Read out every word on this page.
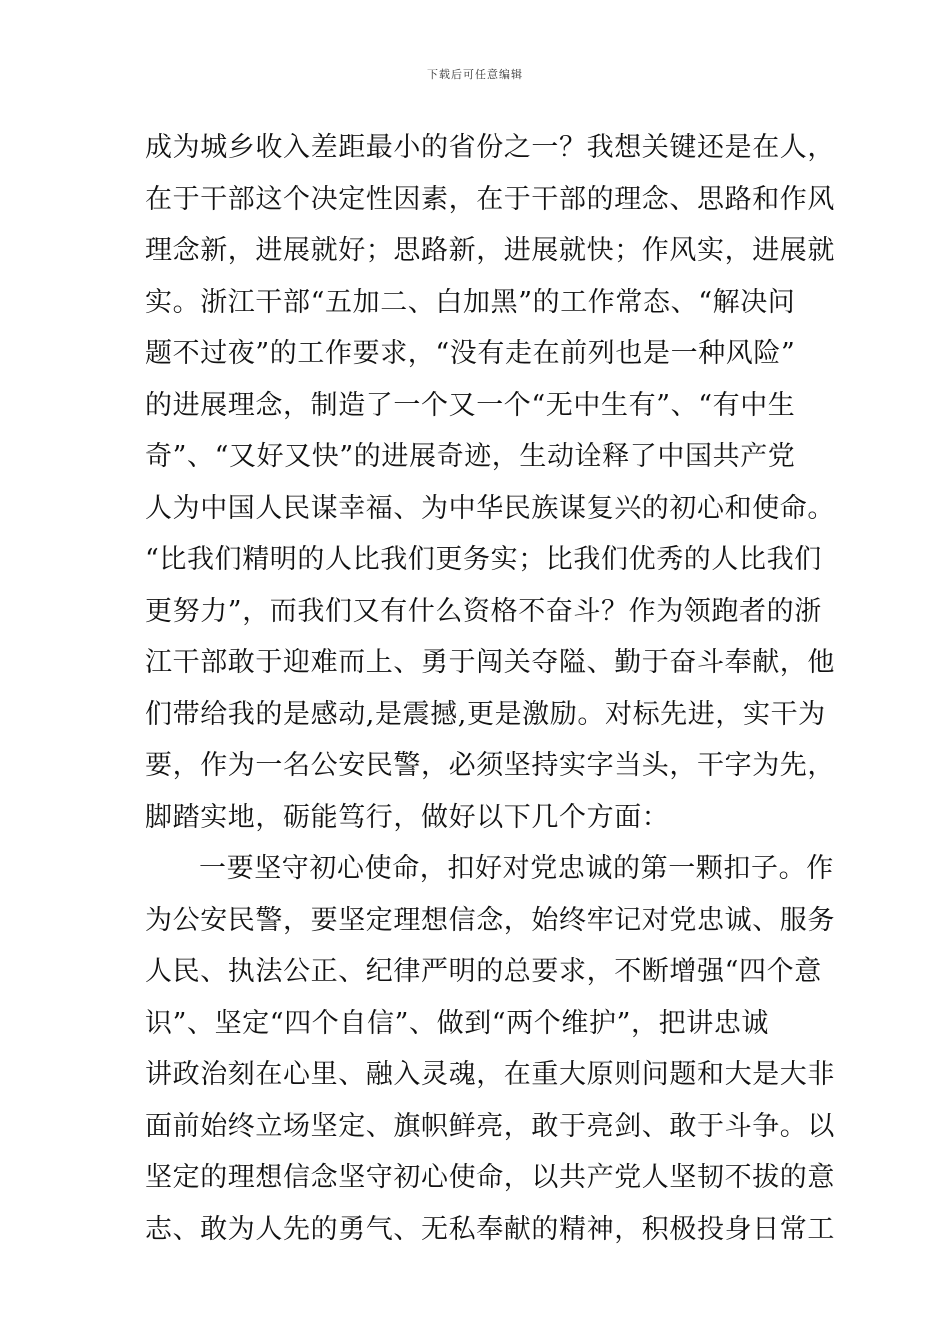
下载后可任意编辑
成为城乡收入差距最小的省份之一？我想关键还是在人，
在于干部这个决定性因素，在于干部的理念、思路和作风
理念新，进展就好；思路新，进展就快；作风实，进展就
实。浙江干部“五加二、白加黑”的工作常态、“解决问
题不过夜”的工作要求，“没有走在前列也是一种风险”
的进展理念，制造了一个又一个“无中生有”、“有中生
奇”、“又好又快”的进展奇迹，生动诠释了中国共产党
人为中国人民谋幸福、为中华民族谋复兴的初心和使命。
“比我们精明的人比我们更务实；比我们优秀的人比我们
更努力”，而我们又有什么资格不奋斗？作为领跑者的浙
江干部敢于迎难而上、勇于闯关夺隘、勤于奋斗奉献，他
们带给我的是感动,是震撼,更是激励。对标先进，实干为
要，作为一名公安民警，必须坚持实字当头，干字为先，
脚踏实地，砺能笃行，做好以下几个方面：
一要坚守初心使命，扣好对党忠诚的第一颗扣子。作
为公安民警，要坚定理想信念，始终牢记对党忠诚、服务
人民、执法公正、纪律严明的总要求，不断增强“四个意
识”、坚定“四个自信”、做到“两个维护”，把讲忠诚
讲政治刻在心里、融入灵魂，在重大原则问题和大是大非
面前始终立场坚定、旗帜鲜亮，敢于亮剑、敢于斗争。以
坚定的理想信念坚守初心使命，以共产党人坚韧不拔的意
志、敢为人先的勇气、无私奉献的精神，积极投身日常工
